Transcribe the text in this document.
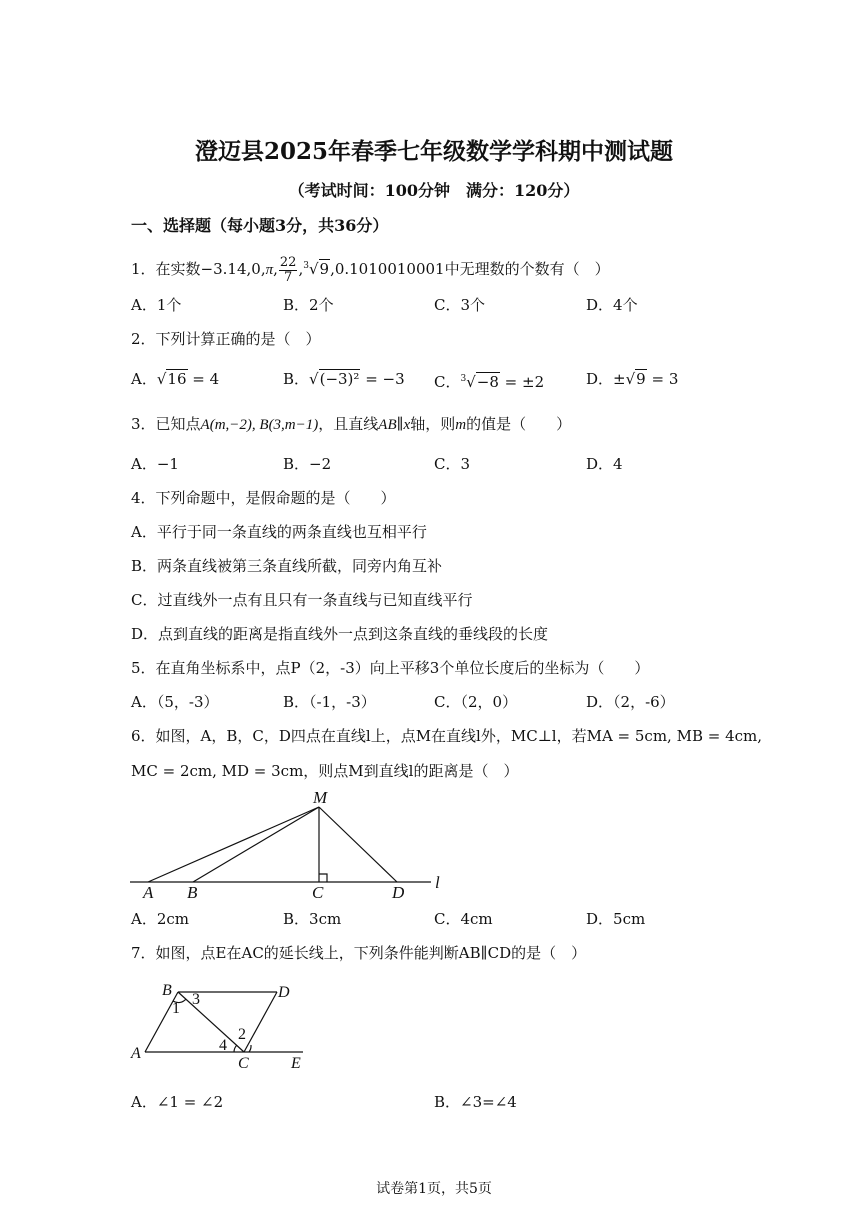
澄迈县2025年春季七年级数学学科期中测试题
（考试时间：100分钟　满分：120分）
一、选择题（每小题3分，共36分）
1．在实数−3.14,0,π, $\frac{22}{7} ,^3√9,0.1010010001$中无理数的个数有（　）
A．1个	B．2个	C．3个	D．4个
2．下列计算正确的是（　）
A．√16 = 4	B．√(−3)² = −3 C．$^3$√−8 = ±2	D．±√9 = 3
3．已知点A(m,−2), B(3,m−1)，且直线AB∥x轴，则m的值是（　　）
A．−1	B．−2	C．3	D．4
4．下列命题中，是假命题的是（　　）
A．平行于同一条直线的两条直线也互相平行
B．两条直线被第三条直线所截，同旁内角互补
C．过直线外一点有且只有一条直线与已知直线平行
D．点到直线的距离是指直线外一点到这条直线的垂线段的长度
5．在直角坐标系中，点P（2，-3）向上平移3个单位长度后的坐标为（　　）
A．（5，-3）	B．（-1，-3）	C．（2，0）	D．（2，-6）
6．如图，A，B，C，D四点在直线l上，点M在直线l外，MC⊥l，若MA = 5cm, MB = 4cm,
MC = 2cm, MD = 3cm，则点M到直线l的距离是（　）
M
A B	C	D
l
A．2cm	B．3cm	C．4cm	D．5cm
7．如图，点E在AC的延长线上，下列条件能判断AB∥CD的是（　）
B	D
A
C	E
1
3
2
4
A．∠1 = ∠2	B．∠3=∠4
试卷第1页，共5页
